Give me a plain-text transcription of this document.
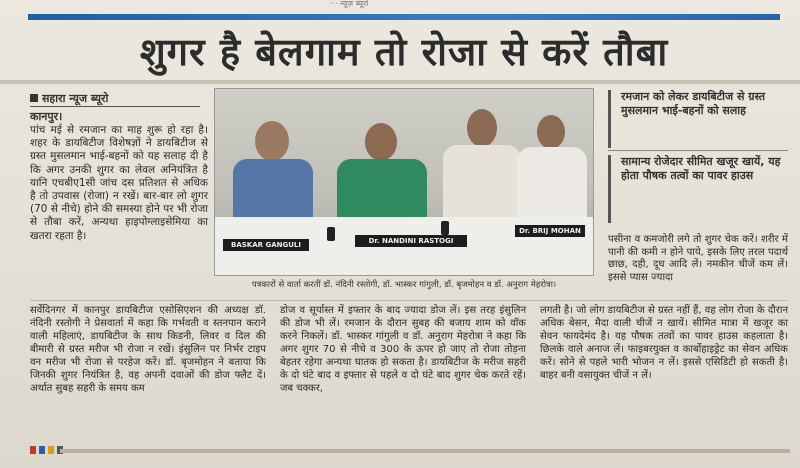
··· न्यूज़ ब्यूरो
शुगर है बेलगाम तो रोजा से करें तौबा
सहारा न्यूज ब्यूरो
कानपुर।
पांच मई से रमजान का माह शुरू हो रहा है। शहर के डायबिटीज विशेषज्ञों ने डायबिटीज से ग्रस्त मुसलमान भाई-बहनों को यह सलाह दी है कि अगर उनकी शुगर का लेवल अनियंत्रित है यानि एचबीए1सी जांच दस प्रतिशत से अधिक है तो उपवास (रोजा) न रखें। बार-बार लो शुगर (70 से नीचे) होने की समस्या होने पर भी रोजा से तौबा करें, अन्यथा हाइपोग्लाइसेमिया का खतरा रहता है।
BASKAR GANGULI	Dr. NANDINI RASTOGI
Dr. BRIJ MOHAN
पत्रकारों से वार्ता करतीं डॉ. नंदिनी रस्तोगी, डॉ. भास्कर गांगुली, डॉ. बृजमोहन व डॉ. अनुराग मेहरोत्रा।
रमजान को लेकर डायबिटीज से ग्रस्त मुसलमान भाई-बहनों को सलाह
सामान्य रोजेदार सीमित खजूर खायें, यह होता पौषक तत्वों का पावर हाउस
पसीना व कमजोरी लगे तो शुगर चेक करें। शरीर में पानी की कमी न होने पाये, इसके लिए तरल पदार्थ छाछ, दही, दूध आदि लें। नमकीन चीजें कम लें। इससे प्यास ज्यादा
सर्वेदिनगर में कानपुर डायबिटीज एसोसिएशन की अध्यक्ष डॉ. नंदिनी रस्तोगी ने प्रेसवार्ता में कहा कि गर्भवती व स्तनपान कराने वाली महिलाएं, डायबिटीज के साथ किडनी, लिवर व दिल की बीमारी से ग्रस्त मरीज भी रोजा न रखें। इंसुलिन पर निर्भर टाइप वन मरीज भी रोजा से परहेज करें। डॉ. बृजमोहन ने बताया कि जिनकी शुगर नियंत्रित है, वह अपनी दवाओं की डोज फ्लैट दें। अर्थात सुबह सहरी के समय कम
डोज व सूर्यास्त में इफ्तार के बाद ज्यादा डोज लें। इस तरह इंसुलिन की डोज भी लें। रमजान के दौरान सुबह की बजाय शाम को वॉक करने निकलें। डॉ. भास्कर गांगुली व डॉ. अनुराग मेहरोत्रा ने कहा कि अगर शुगर 70 से नीचे व 300 के ऊपर हो जाए तो रोजा तोड़ना बेहतर रहेगा अन्यथा घातक हो सकता है। डायबिटीज के मरीज सहरी के दो घंटे बाद व इफ्तार से पहले व दो घंटे बाद शुगर चेक करते रहें। जब चक्कर,
लगती है। जो लोग डायबिटीज से ग्रस्त नहीं हैं, वह लोग रोजा के दौरान अधिक बेसन, मैदा वाली चीजें न खायें। सीमित मात्रा में खजूर का सेवन फायदेमंद है। यह पौषक तत्वों का पावर हाउस कहलाता है। छिलके वाले अनाज लें। फाइबरयुक्त व कार्बोहाइड्रेट का सेवन अधिक करें। सोने से पहले भारी भोजन न लें। इससे एसिडिटी हो सकती है। बाहर बनी वसायुक्त चीजें न लें।
